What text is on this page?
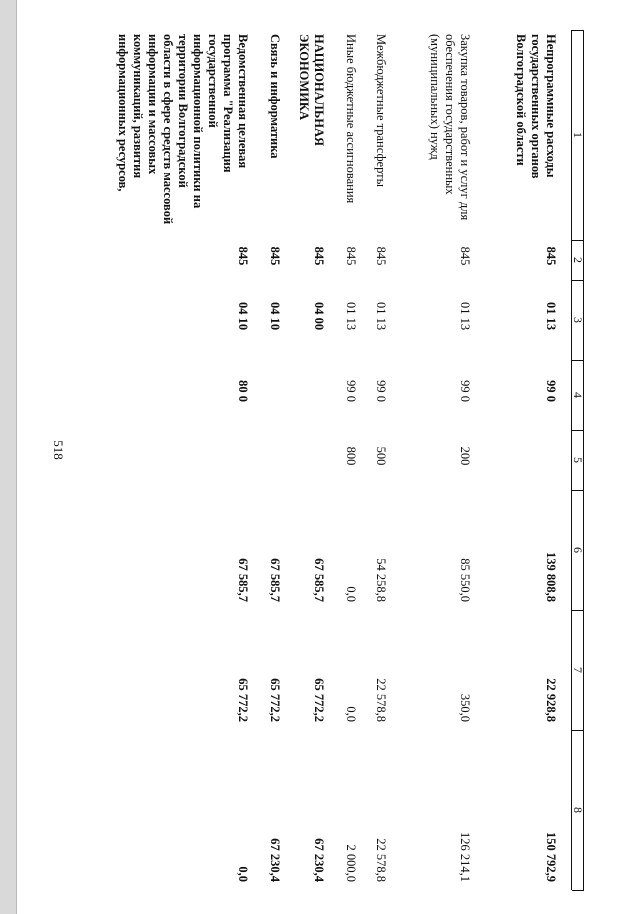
518
1
2
3
4
5
6
7
8
Непрограммные расходы государственных органов Волгоградской области
845
01 13
99 0
139 808,8
22 928,8
150 792,9
Закупка товаров, работ и услуг для обеспечения государственных (муниципальных) нужд
845
01 13
99 0
200
85 550,0
350,0
126 214,1
Межбюджетные трансферты
845
01 13
99 0
500
54 258,8
22 578,8
22 578,8
Иные бюджетные ассигнования
845
01 13
99 0
800
0,0
0,0
2 000,0
НАЦИОНАЛЬНАЯ ЭКОНОМИКА
845
04 00
67 585,7
65 772,2
67 230,4
Связь и информатика
845
04 10
67 585,7
65 772,2
67 230,4
Ведомственная целевая программа "Реализация государственной информационной политики на территории Волгоградской области в сфере средств массовой информации и массовых коммуникаций, развития информационных ресурсов,
845
04 10
80 0
67 585,7
65 772,2
0,0
